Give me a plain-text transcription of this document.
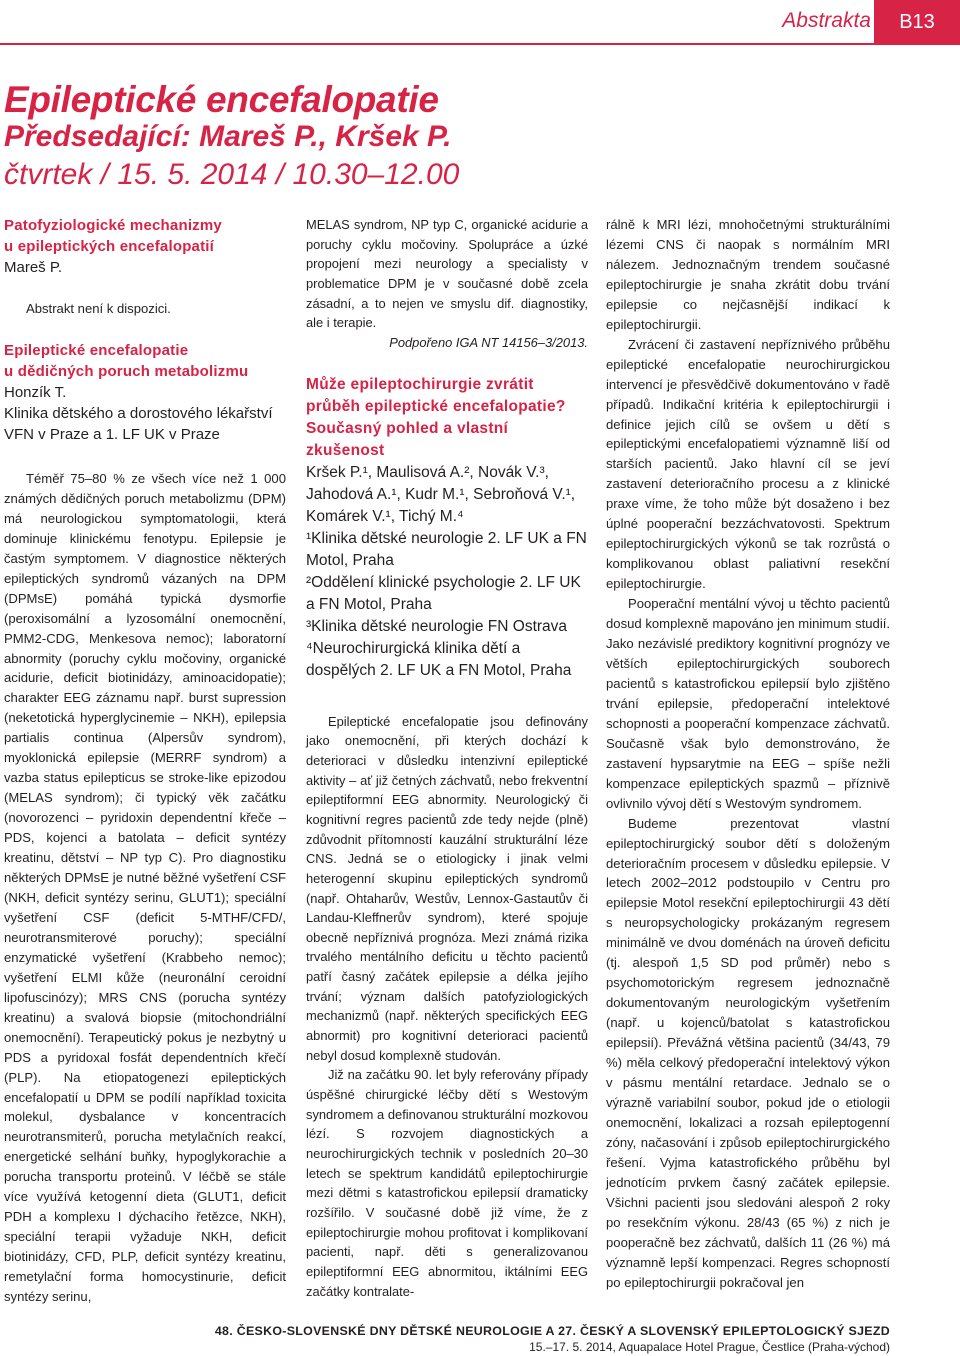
Abstrakta B13
Epileptické encefalopatie
Předsedající: Mareš P., Kršek P.
čtvrtek / 15. 5. 2014 / 10.30–12.00
Patofyziologické mechanizmy
u epileptických encefalopatií
Mareš P.

Abstrakt není k dispozici.

Epileptické encefalopatie
u dědičných poruch metabolizmu
Honzík T.
Klinika dětského a dorostového lékařství VFN v Praze a 1. LF UK v Praze

Téměř 75–80 % ze všech více než 1 000 známých dědičných poruch metabolizmu (DPM) má neurologickou symptomatologii, která dominuje klinickému fenotypu. Epilepsie je častým symptomem. V diagnostice některých epileptických syndromů vázaných na DPM (DPMsE) pomáhá typická dysmorfie (peroxisomální a lyzosomální onemocnění, PMM2-CDG, Menkesova nemoc); laboratorní abnormity (poruchy cyklu močoviny, organické acidurie, deficit biotinidázy, aminoacidopatie); charakter EEG záznamu např. burst supression (neketotická hyperglycinemie – NKH), epilepsia partialis continua (Alpersův syndrom), myoklonická epilepsie (MERRF syndrom) a vazba status epilepticus se stroke-like epizodou (MELAS syndrom); či typický věk začátku (novorozenci – pyridoxin dependentní křeče – PDS, kojenci a batolata – deficit syntézy kreatinu, dětství – NP typ C). Pro diagnostiku některých DPMsE je nutné běžné vyšetření CSF (NKH, deficit syntézy serinu, GLUT1); speciální vyšetření CSF (deficit 5-MTHF/CFD/, neurotransmiterové poruchy); speciální enzymatické vyšetření (Krabbeho nemoc); vyšetření ELMI kůže (neuronální ceroidní lipofuscinózy); MRS CNS (porucha syntézy kreatinu) a svalová biopsie (mitochondriální onemocnění). Terapeutický pokus je nezbytný u PDS a pyridoxal fosfát dependentních křečí (PLP). Na etiopatogenezi epileptických encefalopatií u DPM se podílí například toxicita molekul, dysbalance v koncentracích neurotransmiterů, porucha metylačních reakcí, energetické selhání buňky, hypoglykorachie a porucha transportu proteinů. V léčbě se stále více využívá ketogenní dieta (GLUT1, deficit PDH a komplexu I dýchacího řetězce, NKH), speciální terapii vyžaduje NKH, deficit biotinidázy, CFD, PLP, deficit syntézy kreatinu, remetylační forma homocystinurie, deficit syntézy serinu,

MELAS syndrom, NP typ C, organické acidurie a poruchy cyklu močoviny. Spolupráce a úzké propojení mezi neurology a specialisty v problematice DPM je v současné době zcela zásadní, a to nejen ve smyslu dif. diagnostiky, ale i terapie.

Podpořeno IGA NT 14156–3/2013.

Může epileptochirurgie zvrátit
průběh epileptické encefalopatie?
Současný pohled a vlastní
zkušenost
Kršek P.¹, Maulisová A.², Novák V.³,
Jahodová A.¹, Kudr M.¹, Sebroňová V.¹,
Komárek V.¹, Tichý M.⁴
¹Klinika dětské neurologie 2. LF UK a FN Motol, Praha
²Oddělení klinické psychologie 2. LF UK a FN Motol, Praha
³Klinika dětské neurologie FN Ostrava
⁴Neurochirurgická klinika dětí a dospělých 2. LF UK a FN Motol, Praha

Epileptické encefalopatie jsou definovány jako onemocnění, při kterých dochází k deterioraci v důsledku intenzivní epileptické aktivity – ať již četných záchvatů, nebo frekventní epileptiformní EEG abnormity. Neurologický či kognitivní regres pacientů zde tedy nejde (plně) zdůvodnit přítomností kauzální strukturální léze CNS. Jedná se o etiologicky i jinak velmi heterogenní skupinu epileptických syndromů (např. Ohtaharův, Westův, Lennox-Gastautův či Landau-Kleffnerův syndrom), které spojuje obecně nepříznivá prognóza. Mezi známá rizika trvalého mentálního deficitu u těchto pacientů patří časný začátek epilepsie a délka jejího trvání; význam dalších patofyziologických mechanizmů (např. některých specifických EEG abnormit) pro kognitivní deterioraci pacientů nebyl dosud komplexně studován.

Již na začátku 90. let byly referovány případy úspěšné chirurgické léčby dětí s Westovým syndromem a definovanou strukturální mozkovou lézí. S rozvojem diagnostických a neurochirurgických technik v posledních 20–30 letech se spektrum kandidátů epileptochirurgie mezi dětmi s katastrofickou epilepsií dramaticky rozšířilo. V současné době již víme, že z epileptochirurgie mohou profitovat i komplikovaní pacienti, např. děti s generalizovanou epileptiformní EEG abnormitou, iktálními EEG začátky kontralate-

rálně k MRI lézi, mnohočetnými strukturálními lézemi CNS či naopak s normálním MRI nálezem. Jednoznačným trendem současné epileptochirurgie je snaha zkrátit dobu trvání epilepsie co nejčasnější indikací k epileptochirurgii.

Zvrácení či zastavení nepříznivého průběhu epileptické encefalopatie neurochirurgickou intervencí je přesvědčivě dokumentováno v řadě případů. Indikační kritéria k epileptochirurgii i definice jejich cílů se ovšem u dětí s epileptickými encefalopatiemi významně liší od starších pacientů. Jako hlavní cíl se jeví zastavení deterioračního procesu a z klinické praxe víme, že toho může být dosaženo i bez úplné pooperační bezzáchvatovosti. Spektrum epileptochirurgických výkonů se tak rozrůstá o komplikovanou oblast paliativní resekční epileptochirurgie.

Pooperační mentální vývoj u těchto pacientů dosud komplexně mapováno jen minimum studií. Jako nezávislé prediktory kognitivní prognózy ve větších epileptochirurgických souborech pacientů s katastrofickou epilepsií bylo zjištěno trvání epilepsie, předoperační intelektové schopnosti a pooperační kompenzace záchvatů. Současně však bylo demonstrováno, že zastavení hypsarytmie na EEG – spíše nežli kompenzace epileptických spazmů – příznivě ovlivnilo vývoj dětí s Westovým syndromem.

Budeme prezentovat vlastní epileptochirurgický soubor dětí s doloženým deterioračním procesem v důsledku epilepsie. V letech 2002–2012 podstoupilo v Centru pro epilepsie Motol resekční epileptochirurgii 43 dětí s neuropsychologicky prokázaným regresem minimálně ve dvou doménách na úroveň deficitu (tj. alespoň 1,5 SD pod průměr) nebo s psychomotorickým regresem jednoznačně dokumentovaným neurologickým vyšetřením (např. u kojenců/batolat s katastrofickou epilepsií). Převážná většina pacientů (34/43, 79 %) měla celkový předoperační intelektový výkon v pásmu mentální retardace. Jednalo se o výrazně variabilní soubor, pokud jde o etiologii onemocnění, lokalizaci a rozsah epileptogenní zóny, načasování i způsob epileptochirurgického řešení. Vyjma katastrofického průběhu byl jednotícím prvkem časný začátek epilepsie. Všichni pacienti jsou sledováni alespoň 2 roky po resekčním výkonu. 28/43 (65 %) z nich je pooperačně bez záchvatů, dalších 11 (26 %) má významně lepší kompenzaci. Regres schopností po epileptochirurgii pokračoval jen

48. ČESKO-SLOVENSKÉ DNY DĚTSKÉ NEUROLOGIE A 27. ČESKÝ A SLOVENSKÝ EPILEPTOLOGICKÝ SJEZD
15.–17. 5. 2014, Aquapalace Hotel Prague, Čestlice (Praha-východ)
